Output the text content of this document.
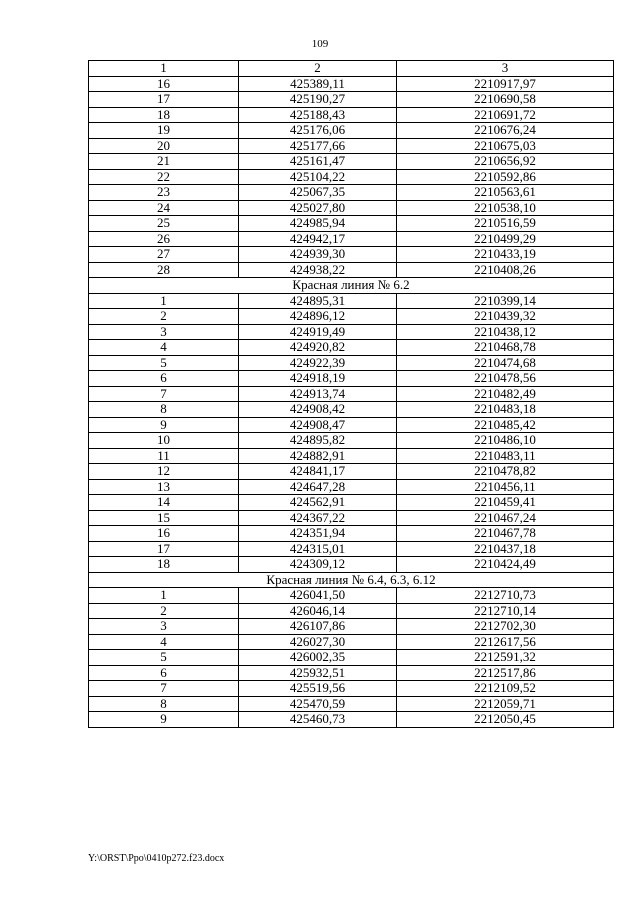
109
1	2	3
16	425389,11	2210917,97
17	425190,27	2210690,58
18	425188,43	2210691,72
19	425176,06	2210676,24
20	425177,66	2210675,03
21	425161,47	2210656,92
22	425104,22	2210592,86
23	425067,35	2210563,61
24	425027,80	2210538,10
25	424985,94	2210516,59
26	424942,17	2210499,29
27	424939,30	2210433,19
28	424938,22	2210408,26
Красная линия № 6.2		
1	424895,31	2210399,14
2	424896,12	2210439,32
3	424919,49	2210438,12
4	424920,82	2210468,78
5	424922,39	2210474,68
6	424918,19	2210478,56
7	424913,74	2210482,49
8	424908,42	2210483,18
9	424908,47	2210485,42
10	424895,82	2210486,10
11	424882,91	2210483,11
12	424841,17	2210478,82
13	424647,28	2210456,11
14	424562,91	2210459,41
15	424367,22	2210467,24
16	424351,94	2210467,78
17	424315,01	2210437,18
18	424309,12	2210424,49
Красная линия № 6.4, 6.3, 6.12		
1	426041,50	2212710,73
2	426046,14	2212710,14
3	426107,86	2212702,30
4	426027,30	2212617,56
5	426002,35	2212591,32
6	425932,51	2212517,86
7	425519,56	2212109,52
8	425470,59	2212059,71
9	425460,73	2212050,45
Y:\ORST\Ppo\0410p272.f23.docx
